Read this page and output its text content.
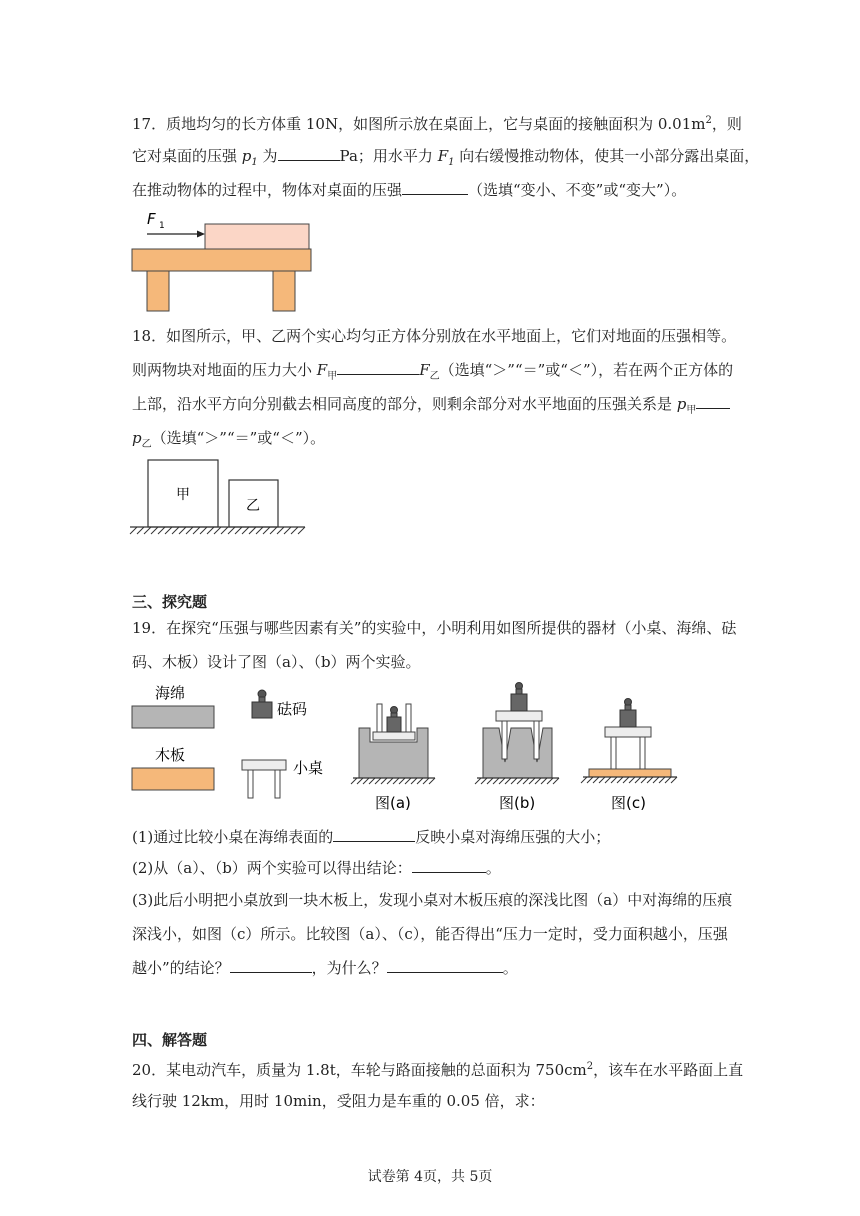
17．质地均匀的长方体重 10N，如图所示放在桌面上，它与桌面的接触面积为 $0.01m^2$，则
它对桌面的压强 $p_1$ 为	Pa；用水平力 $F_1$ 向右缓慢推动物体，使其一小部分露出桌面，
在推动物体的过程中，物体对桌面的压强	（选填“变小、不变”或“变大”）。
F 1
18．如图所示，甲、乙两个实心均匀正方体分别放在水平地面上，它们对地面的压强相等。
则两物块对地面的压力大小 $F_甲$	$F_乙$（选填“＞”“＝”或“＜”），若在两个正方体的
上部，沿水平方向分别截去相同高度的部分，则剩余部分对水平地面的压强关系是 $p_甲$
$p_乙$（选填“＞”“＝”或“＜”）。
甲
乙
三、探究题
19．在探究“压强与哪些因素有关”的实验中，小明利用如图所提供的器材（小桌、海绵、砝
码、木板）设计了图（a）、（b）两个实验。
海绵
木板
砝码
小桌
图(a)	图(b)	图(c)
(1)通过比较小桌在海绵表面的	反映小桌对海绵压强的大小；
(2)从（a）、（b）两个实验可以得出结论：	。
(3)此后小明把小桌放到一块木板上，发现小桌对木板压痕的深浅比图（a）中对海绵的压痕
深浅小，如图（c）所示。比较图（a）、（c），能否得出“压力一定时，受力面积越小，压强
越小”的结论？	，为什么？	。
四、解答题
20．某电动汽车，质量为 1.8t，车轮与路面接触的总面积为 $750cm^2$，该车在水平路面上直
线行驶 12km，用时 10min，受阻力是车重的 0.05 倍，求：
试卷第 4页，共 5页
